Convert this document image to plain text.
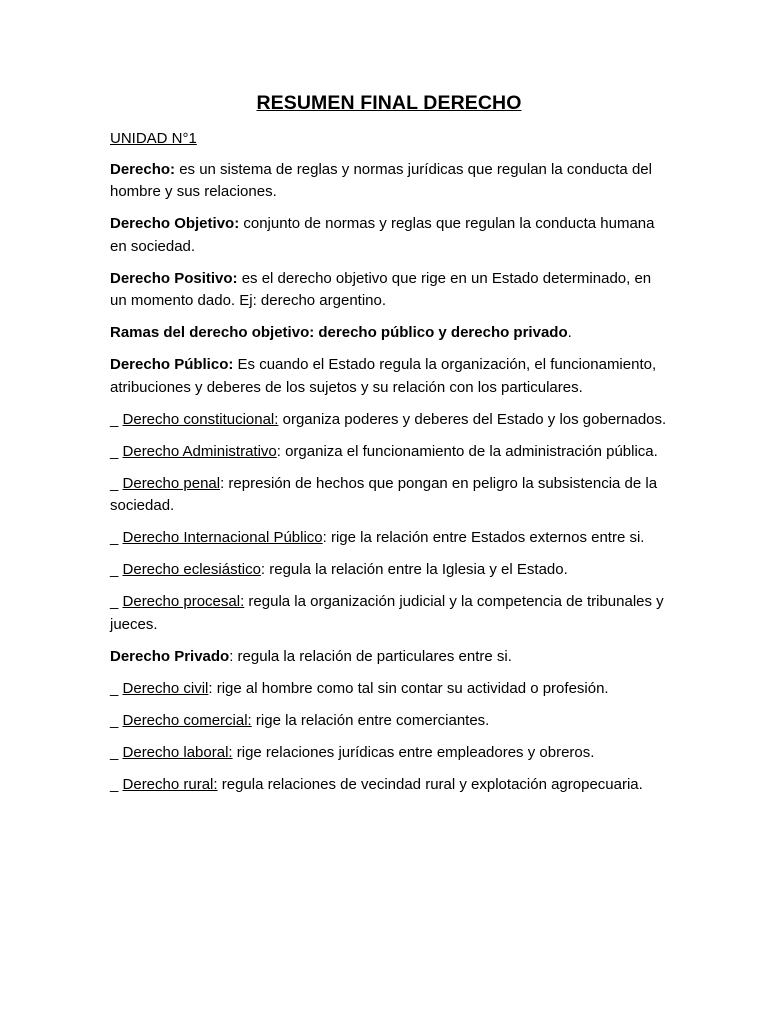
RESUMEN FINAL DERECHO
UNIDAD N°1

Derecho: es un sistema de reglas y normas jurídicas que regulan la conducta del hombre y sus relaciones.

Derecho Objetivo: conjunto de normas y reglas que regulan la conducta humana en sociedad.

Derecho Positivo: es el derecho objetivo que rige en un Estado determinado, en un momento dado. Ej: derecho argentino.

Ramas del derecho objetivo: derecho público y derecho privado.

Derecho Público: Es cuando el Estado regula la organización, el funcionamiento, atribuciones y deberes de los sujetos y su relación con los particulares.

_ Derecho constitucional: organiza poderes y deberes del Estado y los gobernados.

_ Derecho Administrativo: organiza el funcionamiento de la administración pública.

_ Derecho penal: represión de hechos que pongan en peligro la subsistencia de la sociedad.

_ Derecho Internacional Público: rige la relación entre Estados externos entre si.

_ Derecho eclesiástico: regula la relación entre la Iglesia y el Estado.

_ Derecho procesal: regula la organización judicial y la competencia de tribunales y jueces.

Derecho Privado: regula la relación de particulares entre si.

_ Derecho civil: rige al hombre como tal sin contar su actividad o profesión.

_ Derecho comercial: rige la relación entre comerciantes.

_ Derecho laboral: rige relaciones jurídicas entre empleadores y obreros.

_ Derecho rural: regula relaciones de vecindad rural y explotación agropecuaria.
